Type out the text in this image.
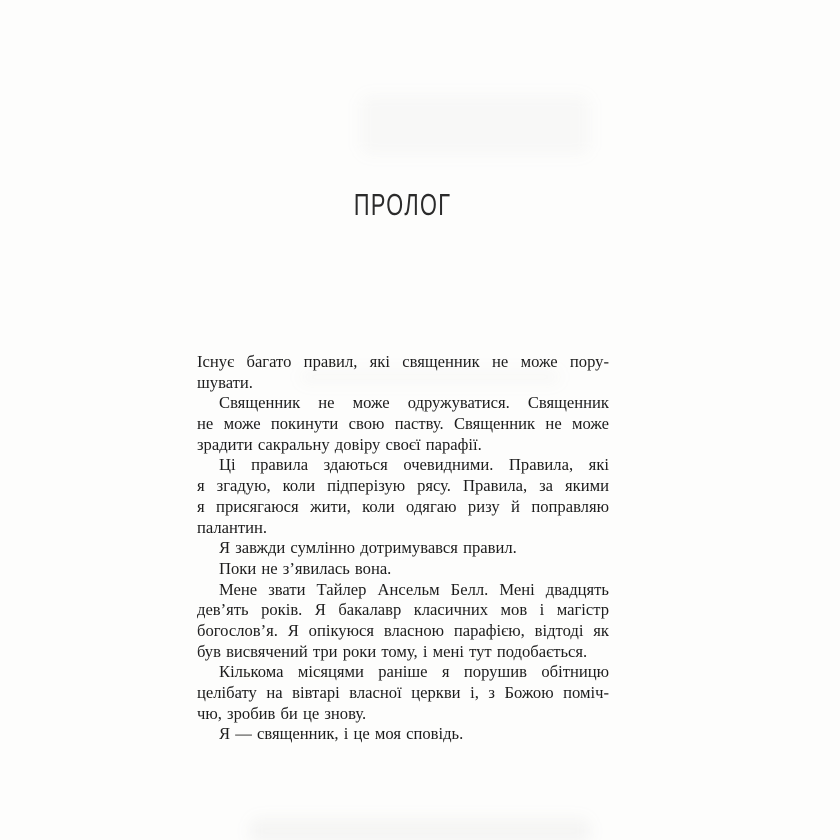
ПРОЛОГ

Існує багато правил, які священник не може пору-
шувати.

Священник не може одружуватися. Священник
не може покинути свою паству. Священник не може
зрадити сакральну довіру своєї парафії.

Ці правила здаються очевидними. Правила, які
я згадую, коли підперізую рясу. Правила, за якими
я присягаюся жити, коли одягаю ризу й поправляю
палантин.

Я завжди сумлінно дотримувався правил.

Поки не з’явилась вона.

Мене звати Тайлер Ансельм Белл. Мені двадцять
дев’ять років. Я бакалавр класичних мов і магістр
богослов’я. Я опікуюся власною парафією, відтоді як
був висвячений три роки тому, і мені тут подобається.

Кількома місяцями раніше я порушив обітницю
целібату на вівтарі власної церкви і, з Божою поміч-
чю, зробив би це знову.

Я — священник, і це моя сповідь.
